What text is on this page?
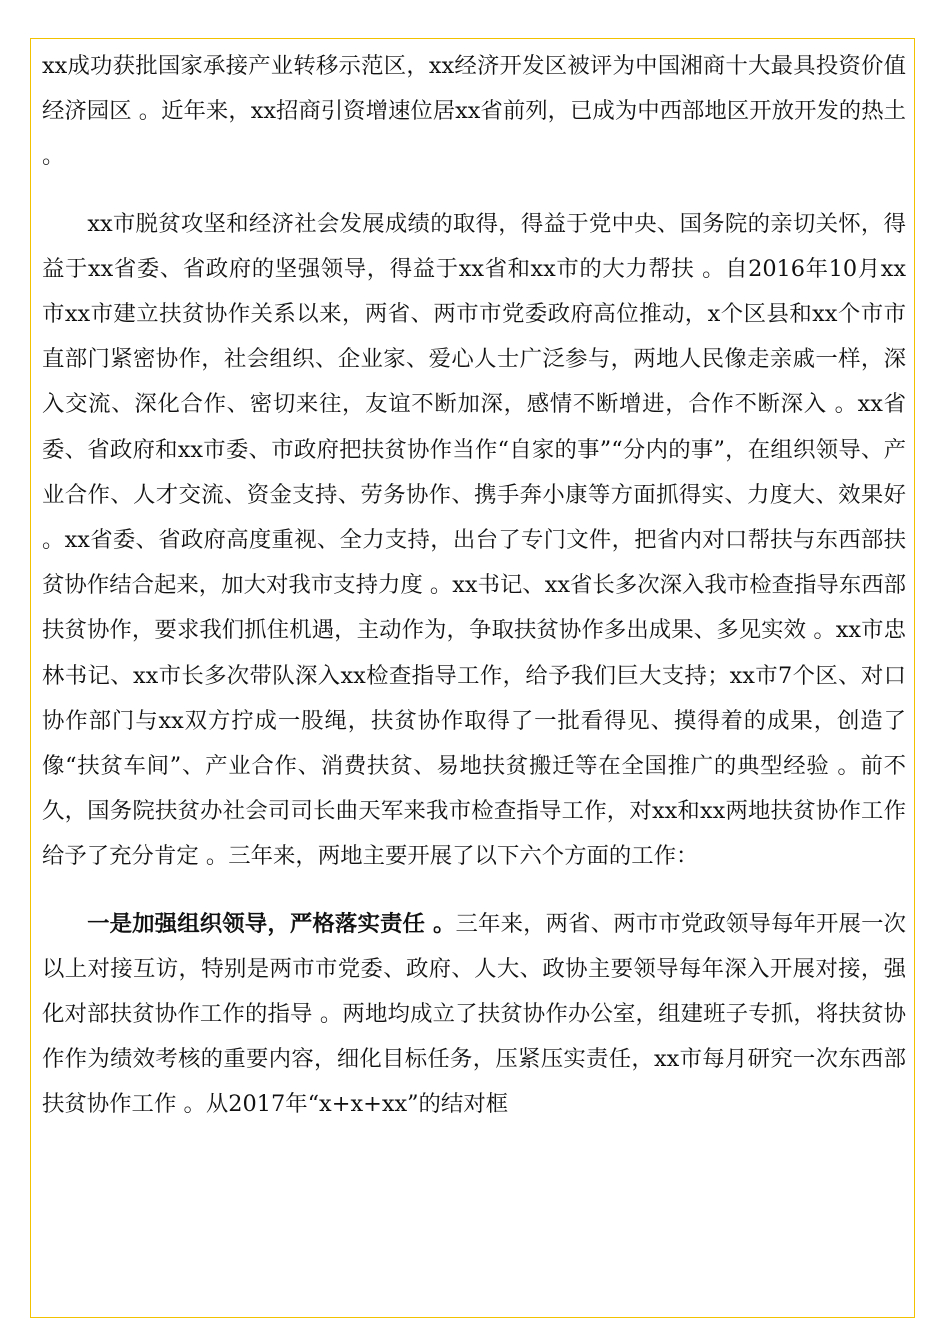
xx成功获批国家承接产业转移示范区，xx经济开发区被评为中国湘商十大最具投资价值经济园区 。近年来，xx招商引资增速位居xx省前列，已成为中西部地区开放开发的热土 。

　　xx市脱贫攻坚和经济社会发展成绩的取得，得益于党中央、国务院的亲切关怀，得益于xx省委、省政府的坚强领导，得益于xx省和xx市的大力帮扶 。自2016年10月xx市xx市建立扶贫协作关系以来，两省、两市市党委政府高位推动，x个区县和xx个市市直部门紧密协作，社会组织、企业家、爱心人士广泛参与，两地人民像走亲戚一样，深入交流、深化合作、密切来往，友谊不断加深，感情不断增进，合作不断深入 。xx省委、省政府和xx市委、市政府把扶贫协作当作“自家的事”“分内的事”，在组织领导、产业合作、人才交流、资金支持、劳务协作、携手奔小康等方面抓得实、力度大、效果好 。xx省委、省政府高度重视、全力支持，出台了专门文件，把省内对口帮扶与东西部扶贫协作结合起来，加大对我市支持力度 。xx书记、xx省长多次深入我市检查指导东西部扶贫协作，要求我们抓住机遇，主动作为，争取扶贫协作多出成果、多见实效 。xx市忠林书记、xx市长多次带队深入xx检查指导工作，给予我们巨大支持；xx市7个区、对口协作部门与xx双方拧成一股绳，扶贫协作取得了一批看得见、摸得着的成果，创造了像“扶贫车间”、产业合作、消费扶贫、易地扶贫搬迁等在全国推广的典型经验 。前不久，国务院扶贫办社会司司长曲天军来我市检查指导工作，对xx和xx两地扶贫协作工作给予了充分肯定 。三年来，两地主要开展了以下六个方面的工作：

　　一是加强组织领导，严格落实责任 。三年来，两省、两市市党政领导每年开展一次以上对接互访，特别是两市市党委、政府、人大、政协主要领导每年深入开展对接，强化对部扶贫协作工作的指导 。两地均成立了扶贫协作办公室，组建班子专抓，将扶贫协作作为绩效考核的重要内容，细化目标任务，压紧压实责任，xx市每月研究一次东西部扶贫协作工作 。从2017年“x+x+xx”的结对框
